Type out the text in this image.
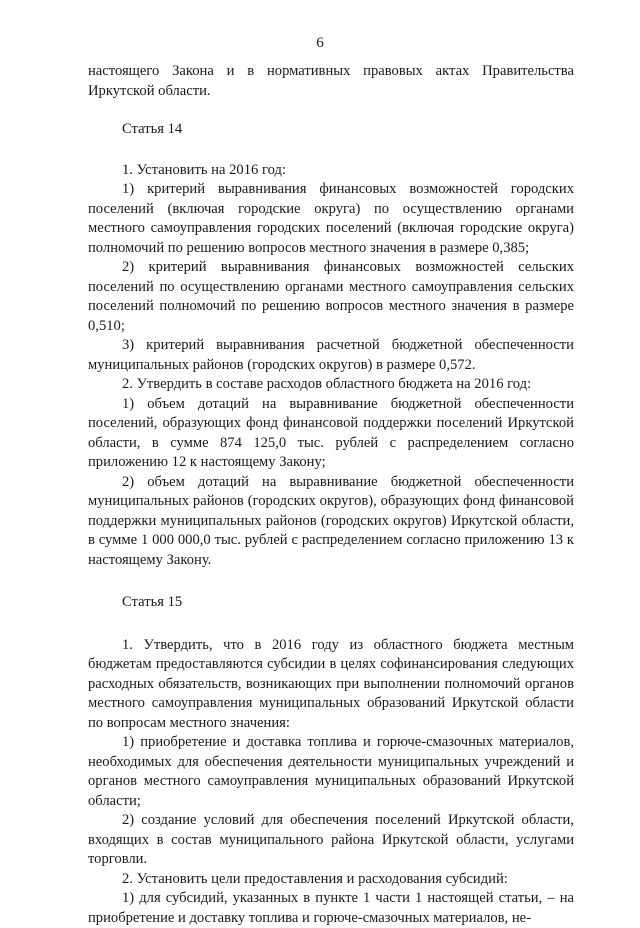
6

настоящего Закона и в нормативных правовых актах Правительства Иркутской области.

Статья 14

1. Установить на 2016 год:

1) критерий выравнивания финансовых возможностей городских поселений (включая городские округа) по осуществлению органами местного самоуправления городских поселений (включая городские округа) полномочий по решению вопросов местного значения в размере 0,385;

2) критерий выравнивания финансовых возможностей сельских поселений по осуществлению органами местного самоуправления сельских поселений полномочий по решению вопросов местного значения в размере 0,510;

3) критерий выравнивания расчетной бюджетной обеспеченности муниципальных районов (городских округов) в размере 0,572.

2. Утвердить в составе расходов областного бюджета на 2016 год:

1) объем дотаций на выравнивание бюджетной обеспеченности поселений, образующих фонд финансовой поддержки поселений Иркутской области, в сумме 874 125,0 тыс. рублей с распределением согласно приложению 12 к настоящему Закону;

2) объем дотаций на выравнивание бюджетной обеспеченности муниципальных районов (городских округов), образующих фонд финансовой поддержки муниципальных районов (городских округов) Иркутской области, в сумме 1 000 000,0 тыс. рублей с распределением согласно приложению 13 к настоящему Закону.

Статья 15

1. Утвердить, что в 2016 году из областного бюджета местным бюджетам предоставляются субсидии в целях софинансирования следующих расходных обязательств, возникающих при выполнении полномочий органов местного самоуправления муниципальных образований Иркутской области по вопросам местного значения:

1) приобретение и доставка топлива и горюче-смазочных материалов, необходимых для обеспечения деятельности муниципальных учреждений и органов местного самоуправления муниципальных образований Иркутской области;

2) создание условий для обеспечения поселений Иркутской области, входящих в состав муниципального района Иркутской области, услугами торговли.

2. Установить цели предоставления и расходования субсидий:

1) для субсидий, указанных в пункте 1 части 1 настоящей статьи, – на приобретение и доставку топлива и горюче-смазочных материалов, не-
